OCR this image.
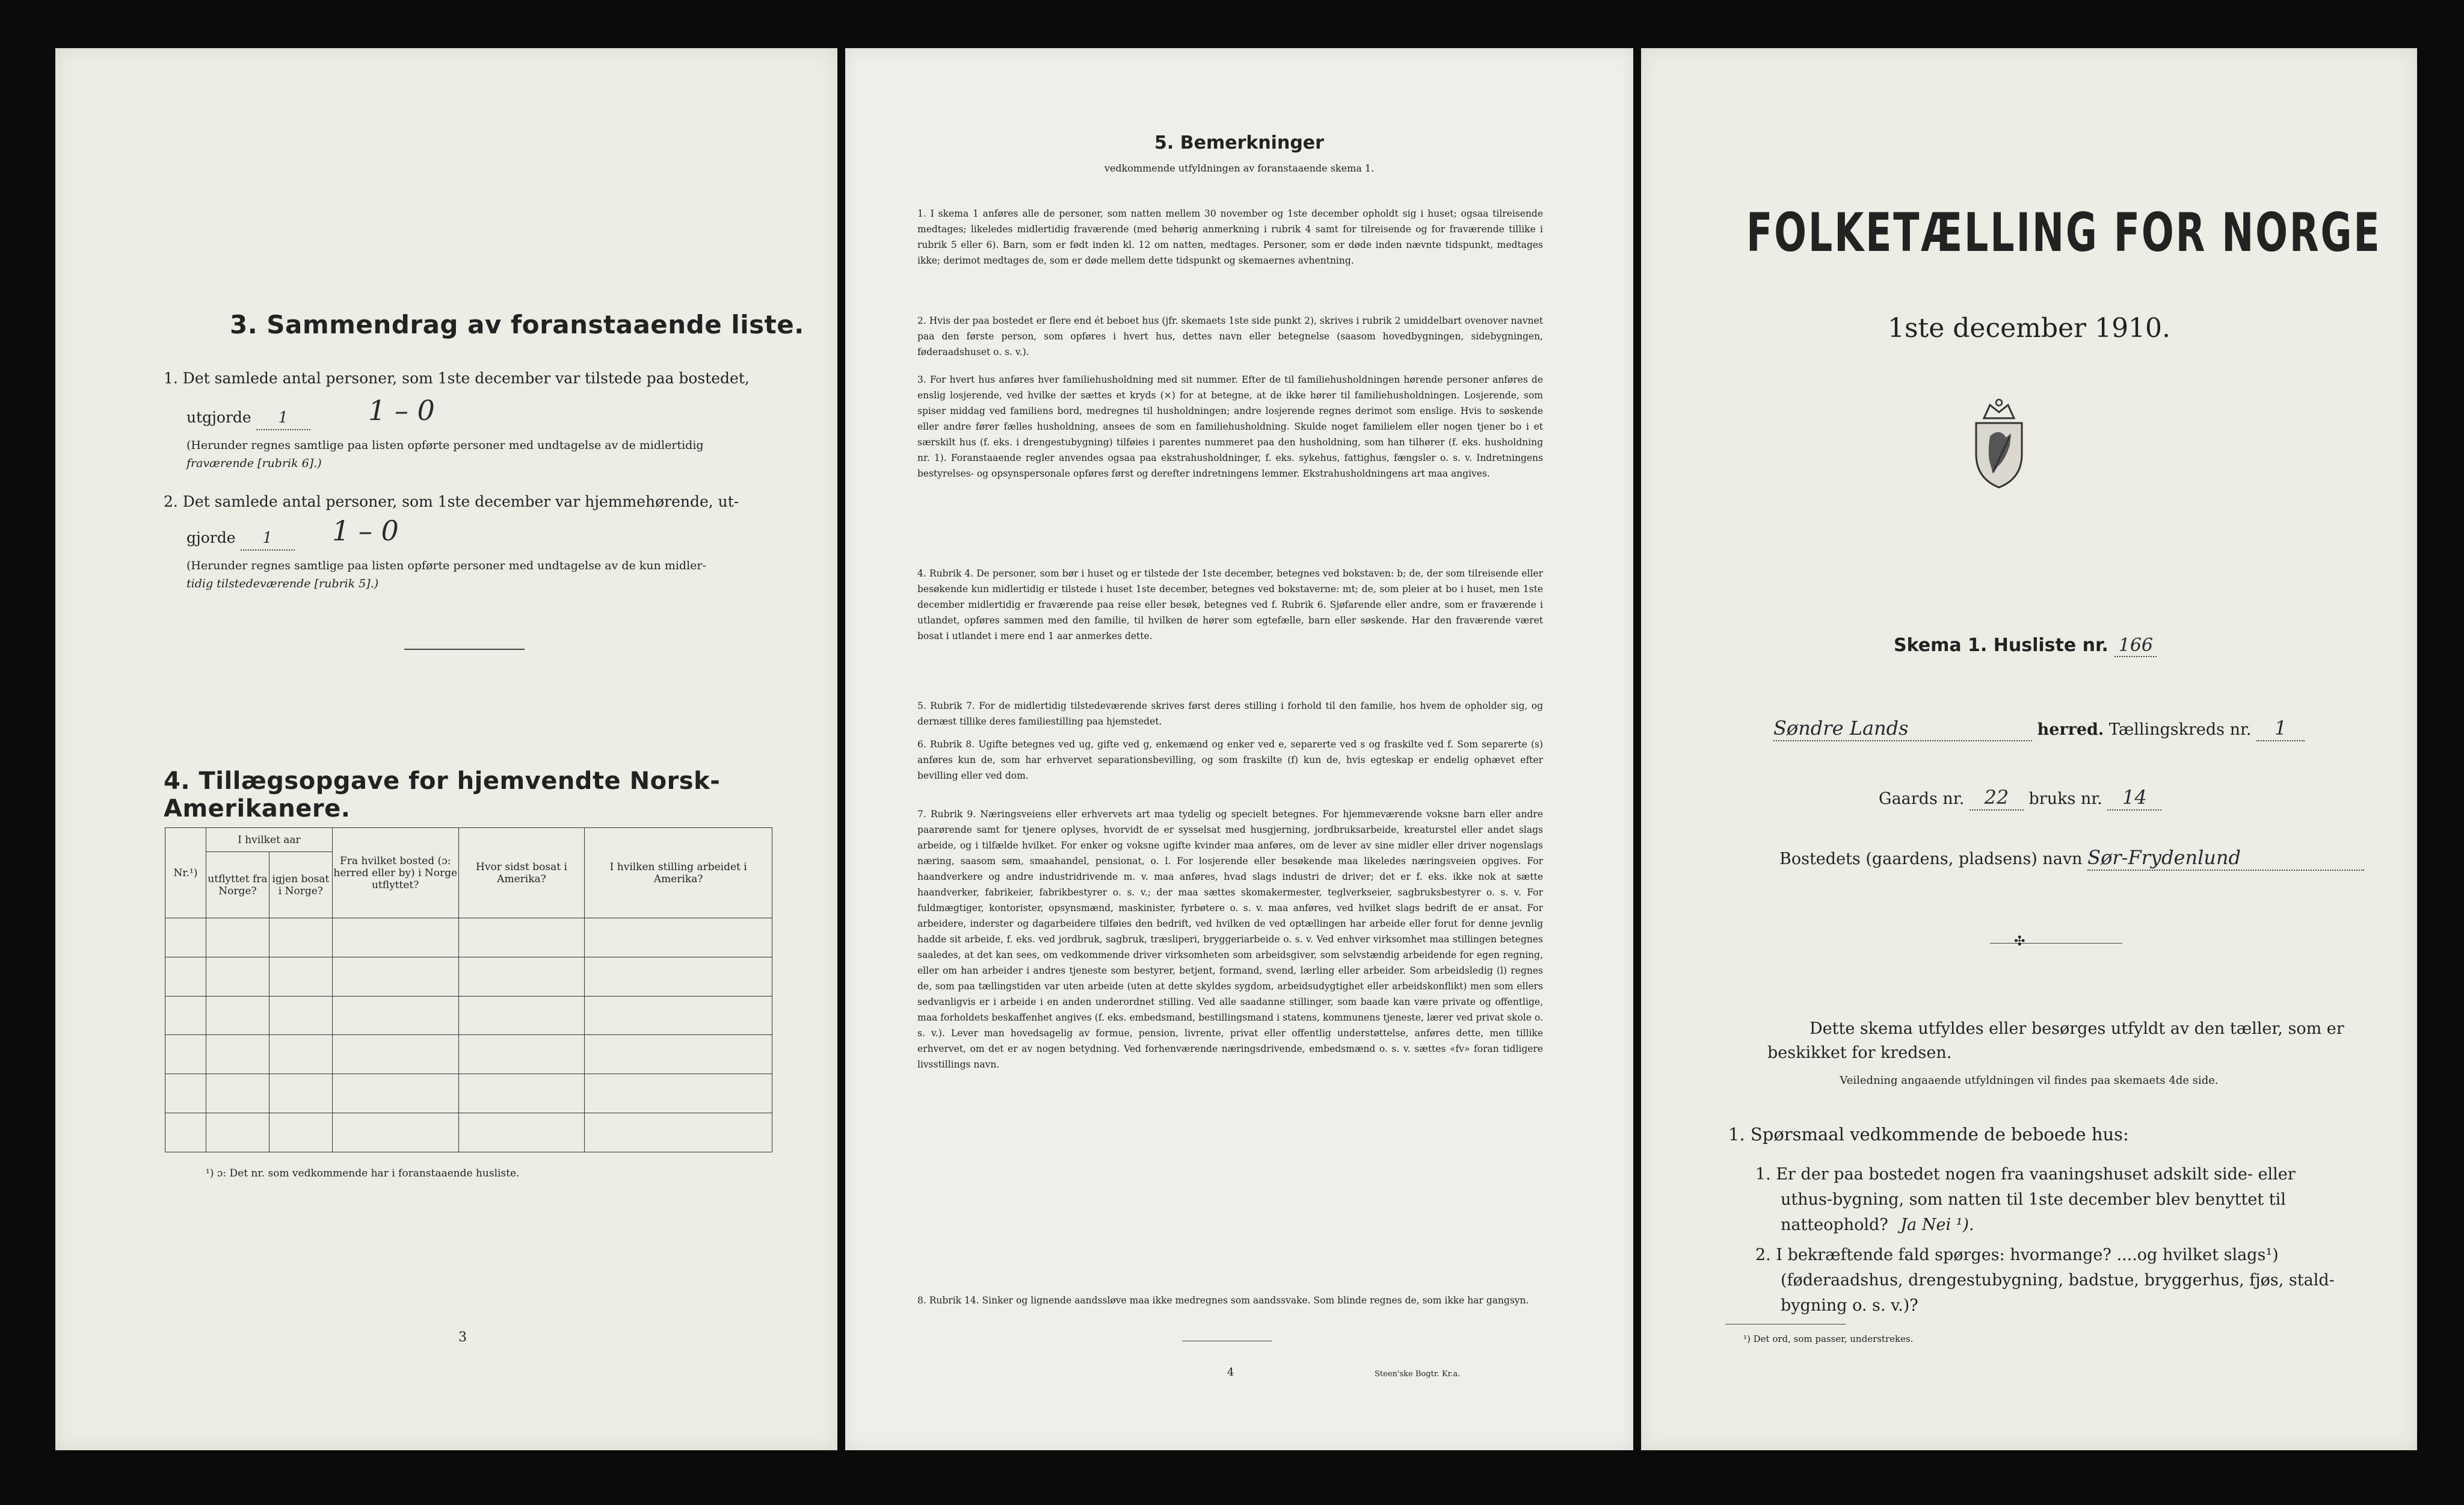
3. Sammendrag av foranstaaende liste.
1. Det samlede antal personer, som 1ste december var tilstede paa bostedet,
utgjorde 1	1 – 0
(Herunder regnes samtlige paa listen opførte personer med undtagelse av de midlertidig
fraværende [rubrik 6].)
2. Det samlede antal personer, som 1ste december var hjemmehørende, ut-
gjorde 1	1 – 0
(Herunder regnes samtlige paa listen opførte personer med undtagelse av de kun midler-
tidig tilstedeværende [rubrik 5].)
4. Tillægsopgave for hjemvendte Norsk-Amerikanere.
Nr.¹)	I hvilket aar		Fra hvilket bosted (ɔ: herred eller by) i Norge utflyttet?	Hvor sidst bosat i Amerika?	I hvilken stilling arbeidet i Amerika?
	utflyttet fra Norge?	igjen bosat i Norge?			

¹) ɔ: Det nr. som vedkommende har i foranstaaende husliste.
3
5. Bemerkninger
vedkommende utfyldningen av foranstaaende skema 1.
1. I skema 1 anføres alle de personer, som natten mellem 30 november og 1ste december opholdt sig i huset; ogsaa tilreisende medtages; likeledes midlertidig fraværende (med behørig anmerkning i rubrik 4 samt for tilreisende og for fraværende tillike i rubrik 5 eller 6). Barn, som er født inden kl. 12 om natten, medtages. Personer, som er døde inden nævnte tidspunkt, medtages ikke; derimot medtages de, som er døde mellem dette tidspunkt og skemaernes avhentning.
2. Hvis der paa bostedet er flere end ét beboet hus (jfr. skemaets 1ste side punkt 2), skrives i rubrik 2 umiddelbart ovenover navnet paa den første person, som opføres i hvert hus, dettes navn eller betegnelse (saasom hovedbygningen, sidebygningen, føderaadshuset o. s. v.).
3. For hvert hus anføres hver familiehusholdning med sit nummer. Efter de til familiehusholdningen hørende personer anføres de enslig losjerende, ved hvilke der sættes et kryds (×) for at betegne, at de ikke hører til familiehusholdningen. Losjerende, som spiser middag ved familiens bord, medregnes til husholdningen; andre losjerende regnes derimot som enslige. Hvis to søskende eller andre fører fælles husholdning, ansees de som en familiehusholdning. Skulde noget familielem eller nogen tjener bo i et særskilt hus (f. eks. i drengestubygning) tilføies i parentes nummeret paa den husholdning, som han tilhører (f. eks. husholdning nr. 1). Foranstaaende regler anvendes ogsaa paa ekstrahusholdninger, f. eks. sykehus, fattighus, fængsler o. s. v. Indretningens bestyrelses- og opsynspersonale opføres først og derefter indretningens lemmer. Ekstrahusholdningens art maa angives.
4. Rubrik 4. De personer, som bør i huset og er tilstede der 1ste december, betegnes ved bokstaven: b; de, der som tilreisende eller besøkende kun midlertidig er tilstede i huset 1ste december, betegnes ved bokstaverne: mt; de, som pleier at bo i huset, men 1ste december midlertidig er fraværende paa reise eller besøk, betegnes ved f. Rubrik 6. Sjøfarende eller andre, som er fraværende i utlandet, opføres sammen med den familie, til hvilken de hører som egtefælle, barn eller søskende. Har den fraværende været bosat i utlandet i mere end 1 aar anmerkes dette.
5. Rubrik 7. For de midlertidig tilstedeværende skrives først deres stilling i forhold til den familie, hos hvem de opholder sig, og dernæst tillike deres familiestilling paa hjemstedet.
6. Rubrik 8. Ugifte betegnes ved ug, gifte ved g, enkemænd og enker ved e, separerte ved s og fraskilte ved f. Som separerte (s) anføres kun de, som har erhvervet separationsbevilling, og som fraskilte (f) kun de, hvis egteskap er endelig ophævet efter bevilling eller ved dom.
7. Rubrik 9. Næringsveiens eller erhvervets art maa tydelig og specielt betegnes. For hjemmeværende voksne barn eller andre paarørende samt for tjenere oplyses, hvorvidt de er sysselsat med husgjerning, jordbruksarbeide, kreaturstel eller andet slags arbeide, og i tilfælde hvilket. For enker og voksne ugifte kvinder maa anføres, om de lever av sine midler eller driver nogenslags næring, saasom søm, smaahandel, pensionat, o. l. For losjerende eller besøkende maa likeledes næringsveien opgives. For haandverkere og andre industridrivende m. v. maa anføres, hvad slags industri de driver; det er f. eks. ikke nok at sætte haandverker, fabrikeier, fabrikbestyrer o. s. v.; der maa sættes skomakermester, teglverkseier, sagbruksbestyrer o. s. v. For fuldmægtiger, kontorister, opsynsmænd, maskinister, fyrbøtere o. s. v. maa anføres, ved hvilket slags bedrift de er ansat. For arbeidere, inderster og dagarbeidere tilføies den bedrift, ved hvilken de ved optællingen har arbeide eller forut for denne jevnlig hadde sit arbeide, f. eks. ved jordbruk, sagbruk, træsliperi, bryggeriarbeide o. s. v. Ved enhver virksomhet maa stillingen betegnes saaledes, at det kan sees, om vedkommende driver virksomheten som arbeidsgiver, som selvstændig arbeidende for egen regning, eller om han arbeider i andres tjeneste som bestyrer, betjent, formand, svend, lærling eller arbeider. Som arbeidsledig (l) regnes de, som paa tællingstiden var uten arbeide (uten at dette skyldes sygdom, arbeidsudygtighet eller arbeidskonflikt) men som ellers sedvanligvis er i arbeide i en anden underordnet stilling. Ved alle saadanne stillinger, som baade kan være private og offentlige, maa forholdets beskaffenhet angives (f. eks. embedsmand, bestillingsmand i statens, kommunens tjeneste, lærer ved privat skole o. s. v.). Lever man hovedsagelig av formue, pension, livrente, privat eller offentlig understøttelse, anføres dette, men tillike erhvervet, om det er av nogen betydning. Ved forhenværende næringsdrivende, embedsmænd o. s. v. sættes «fv» foran tidligere livsstillings navn.
8. Rubrik 14. Sinker og lignende aandssløve maa ikke medregnes som aandssvake. Som blinde regnes de, som ikke har gangsyn.
4	Steen'ske Bogtr. Kr.a.
FOLKETÆLLING FOR NORGE
1ste december 1910.
Skema 1. Husliste nr. 166
Søndre Lands	herred. Tællingskreds nr. 1
Gaards nr. 22 bruks nr. 14
Bostedets (gaardens, pladsens) navn Sør-Frydenlund
✣
Dette skema utfyldes eller besørges utfyldt av den tæller, som er
beskikket for kredsen.
Veiledning angaaende utfyldningen vil findes paa skemaets 4de side.
1. Spørsmaal vedkommende de beboede hus:
1. Er der paa bostedet nogen fra vaaningshuset adskilt side- eller
uthus-bygning, som natten til 1ste december blev benyttet til
natteophold? Ja Nei ¹).
2. I bekræftende fald spørges: hvormange? ....og hvilket slags¹)
(føderaadshus, drengestubygning, badstue, bryggerhus, fjøs, stald-
bygning o. s. v.)?
¹) Det ord, som passer, understrekes.
